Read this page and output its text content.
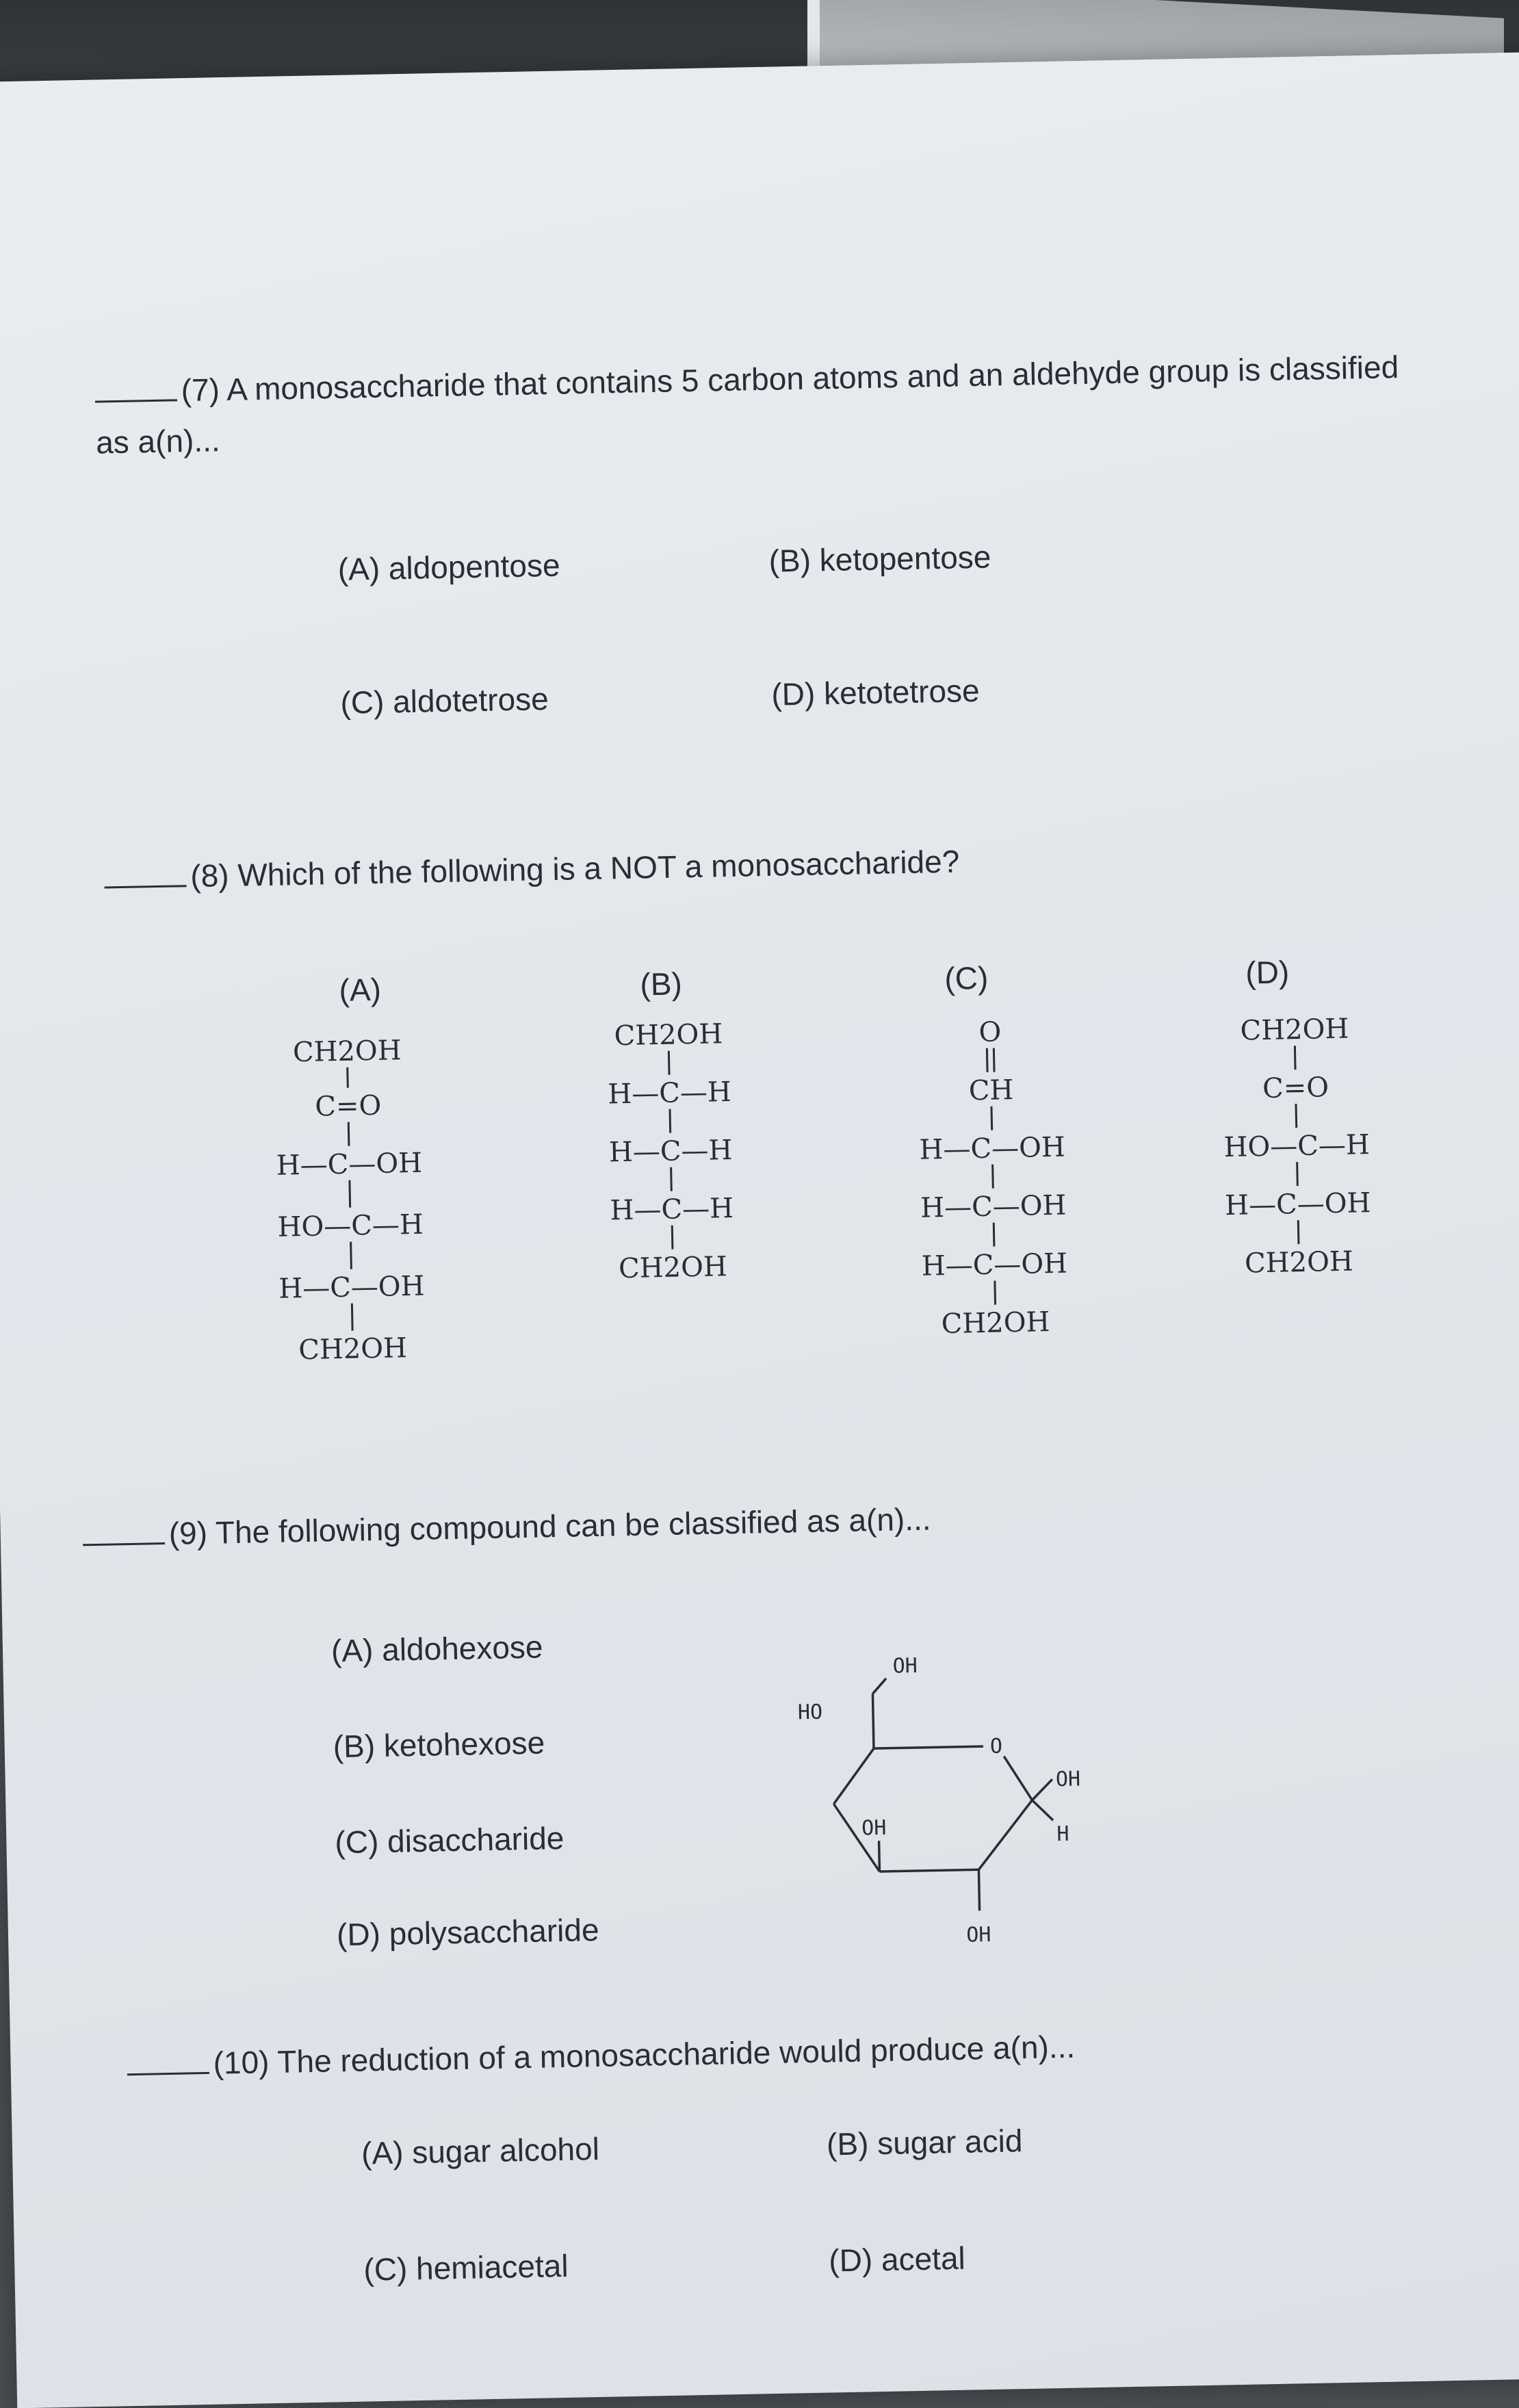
(7) A monosaccharide that contains 5 carbon atoms and an aldehyde group is classified as a(n)...
(A) aldopentose	(B) ketopentose
(C) aldotetrose	(D) ketotetrose
(8) Which of the following is a NOT a monosaccharide?
(A)	(B)	(C)	(D)
CH2OH
C=O
H—C—OH
HO—C—H
H—C—OH
CH2OH
CH2OH
H—C—H
H—C—H
H—C—H
CH2OH
O
CH
H—C—OH
H—C—OH
H—C—OH
CH2OH
CH2OH
C=O
HO—C—H
H—C—OH
CH2OH
(9) The following compound can be classified as a(n)...
(A) aldohexose
(B) ketohexose
(C) disaccharide
(D) polysaccharide
OH
HO
O
OH
H
OH
OH
(10) The reduction of a monosaccharide would produce a(n)...
(A) sugar alcohol	(B) sugar acid
(C) hemiacetal	(D) acetal
